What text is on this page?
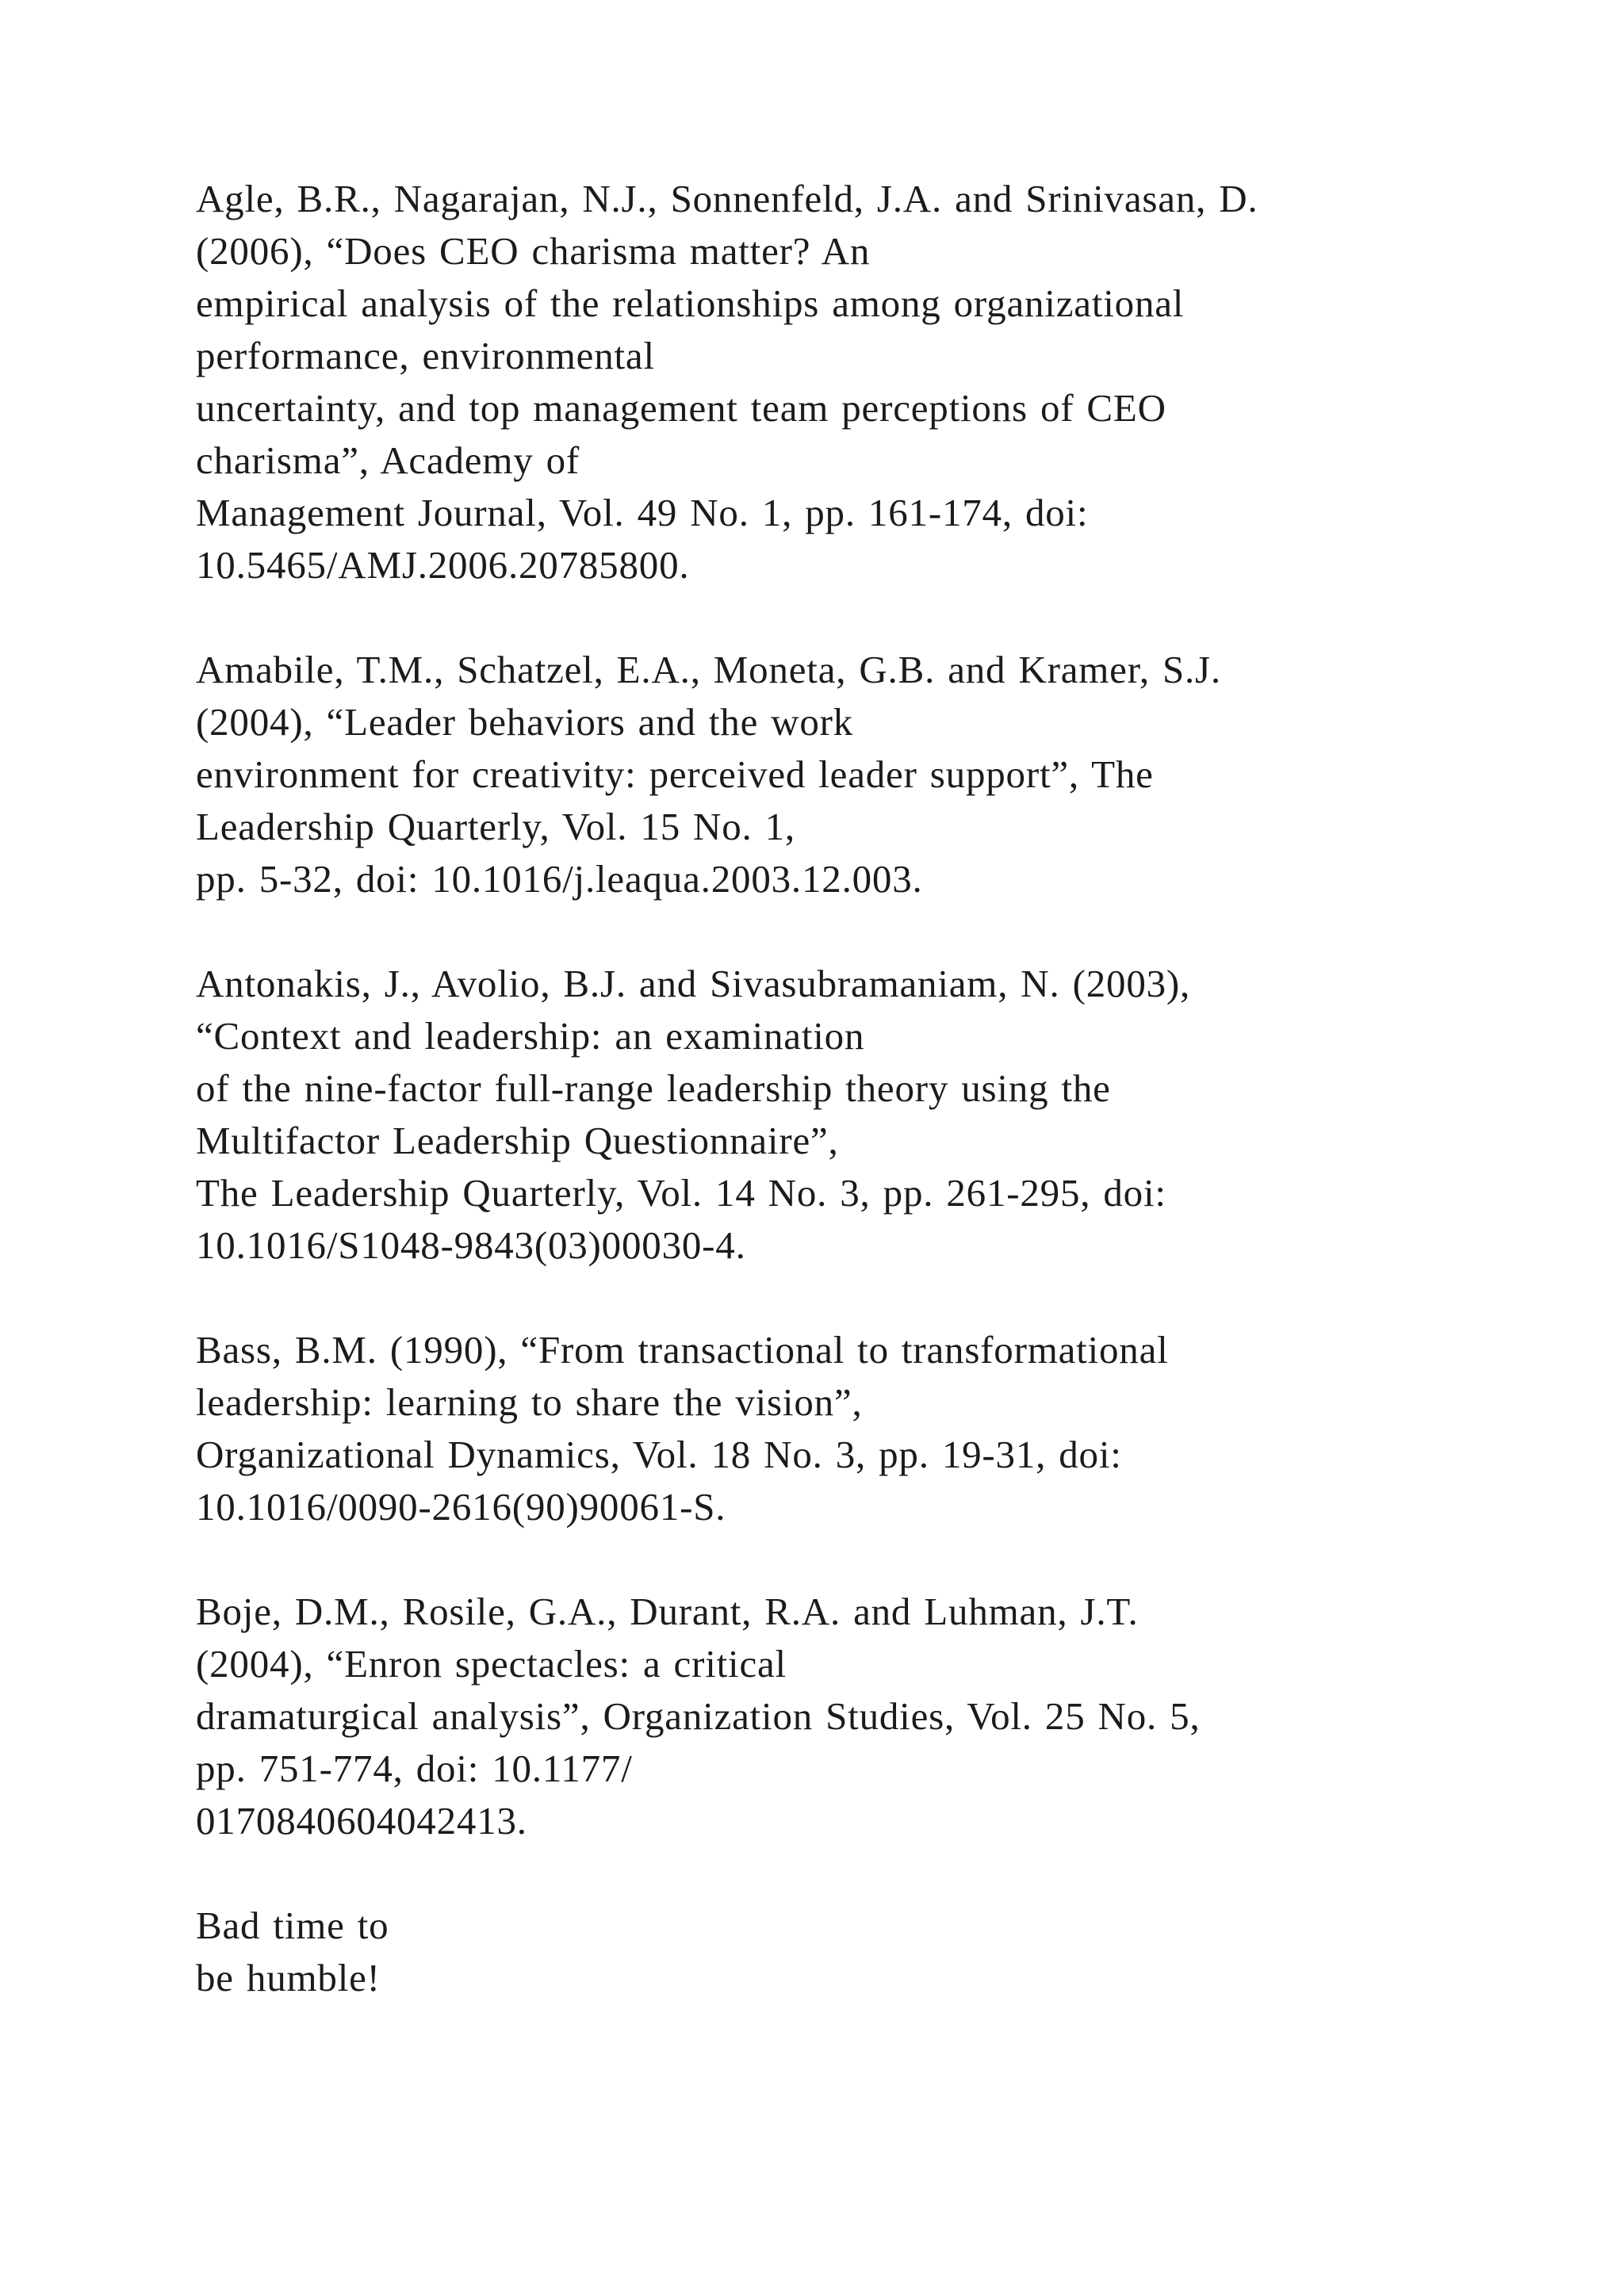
Agle, B.R., Nagarajan, N.J., Sonnenfeld, J.A. and Srinivasan, D.
(2006), “Does CEO charisma matter? An
empirical analysis of the relationships among organizational
performance, environmental
uncertainty, and top management team perceptions of CEO
charisma”, Academy of
Management Journal, Vol. 49 No. 1, pp. 161-174, doi:
10.5465/AMJ.2006.20785800.
Amabile, T.M., Schatzel, E.A., Moneta, G.B. and Kramer, S.J.
(2004), “Leader behaviors and the work
environment for creativity: perceived leader support”, The
Leadership Quarterly, Vol. 15 No. 1,
pp. 5-32, doi: 10.1016/j.leaqua.2003.12.003.
Antonakis, J., Avolio, B.J. and Sivasubramaniam, N. (2003),
“Context and leadership: an examination
of the nine-factor full-range leadership theory using the
Multifactor Leadership Questionnaire”,
The Leadership Quarterly, Vol. 14 No. 3, pp. 261-295, doi:
10.1016/S1048-9843(03)00030-4.
Bass, B.M. (1990), “From transactional to transformational
leadership: learning to share the vision”,
Organizational Dynamics, Vol. 18 No. 3, pp. 19-31, doi:
10.1016/0090-2616(90)90061-S.
Boje, D.M., Rosile, G.A., Durant, R.A. and Luhman, J.T.
(2004), “Enron spectacles: a critical
dramaturgical analysis”, Organization Studies, Vol. 25 No. 5,
pp. 751-774, doi: 10.1177/
0170840604042413.
Bad time to
be humble!
